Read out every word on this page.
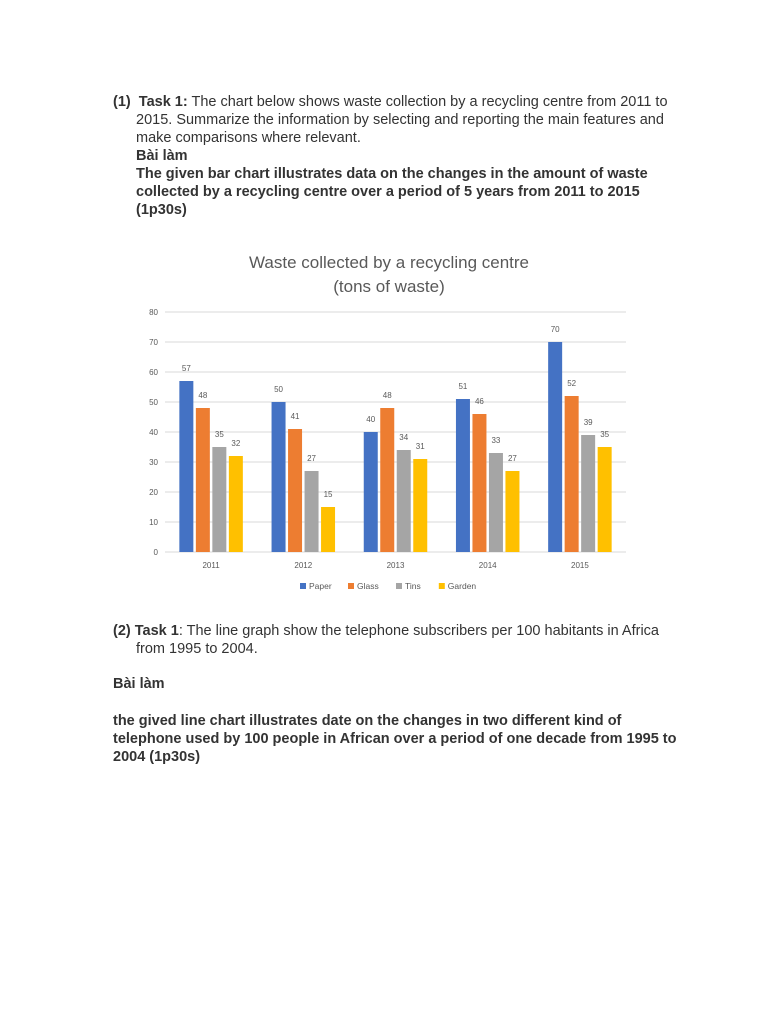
(1) Task 1: The chart below shows waste collection by a recycling centre from 2011 to 2015. Summarize the information by selecting and reporting the main features and make comparisons where relevant.
Bài làm
The given bar chart illustrates data on the changes in the amount of waste collected by a recycling centre over a period of 5 years from 2011 to 2015 (1p30s)
Waste collected by a recycling centre
(tons of waste)
0
10
20
30
40
50
60
70
80
57
48
35
32
50
41
27
15
40
48
34
31
51
46
33
27
70
52
39
35
2011	2012	2013	2014	2015
Paper	Glass	Tins	Garden
(2) Task 1: The line graph show the telephone subscribers per 100 habitants in Africa from 1995 to 2004.
Bài làm
the gived line chart illustrates date on the changes in two different kind of telephone used by 100 people in African over a period of one decade from 1995 to 2004 (1p30s)
